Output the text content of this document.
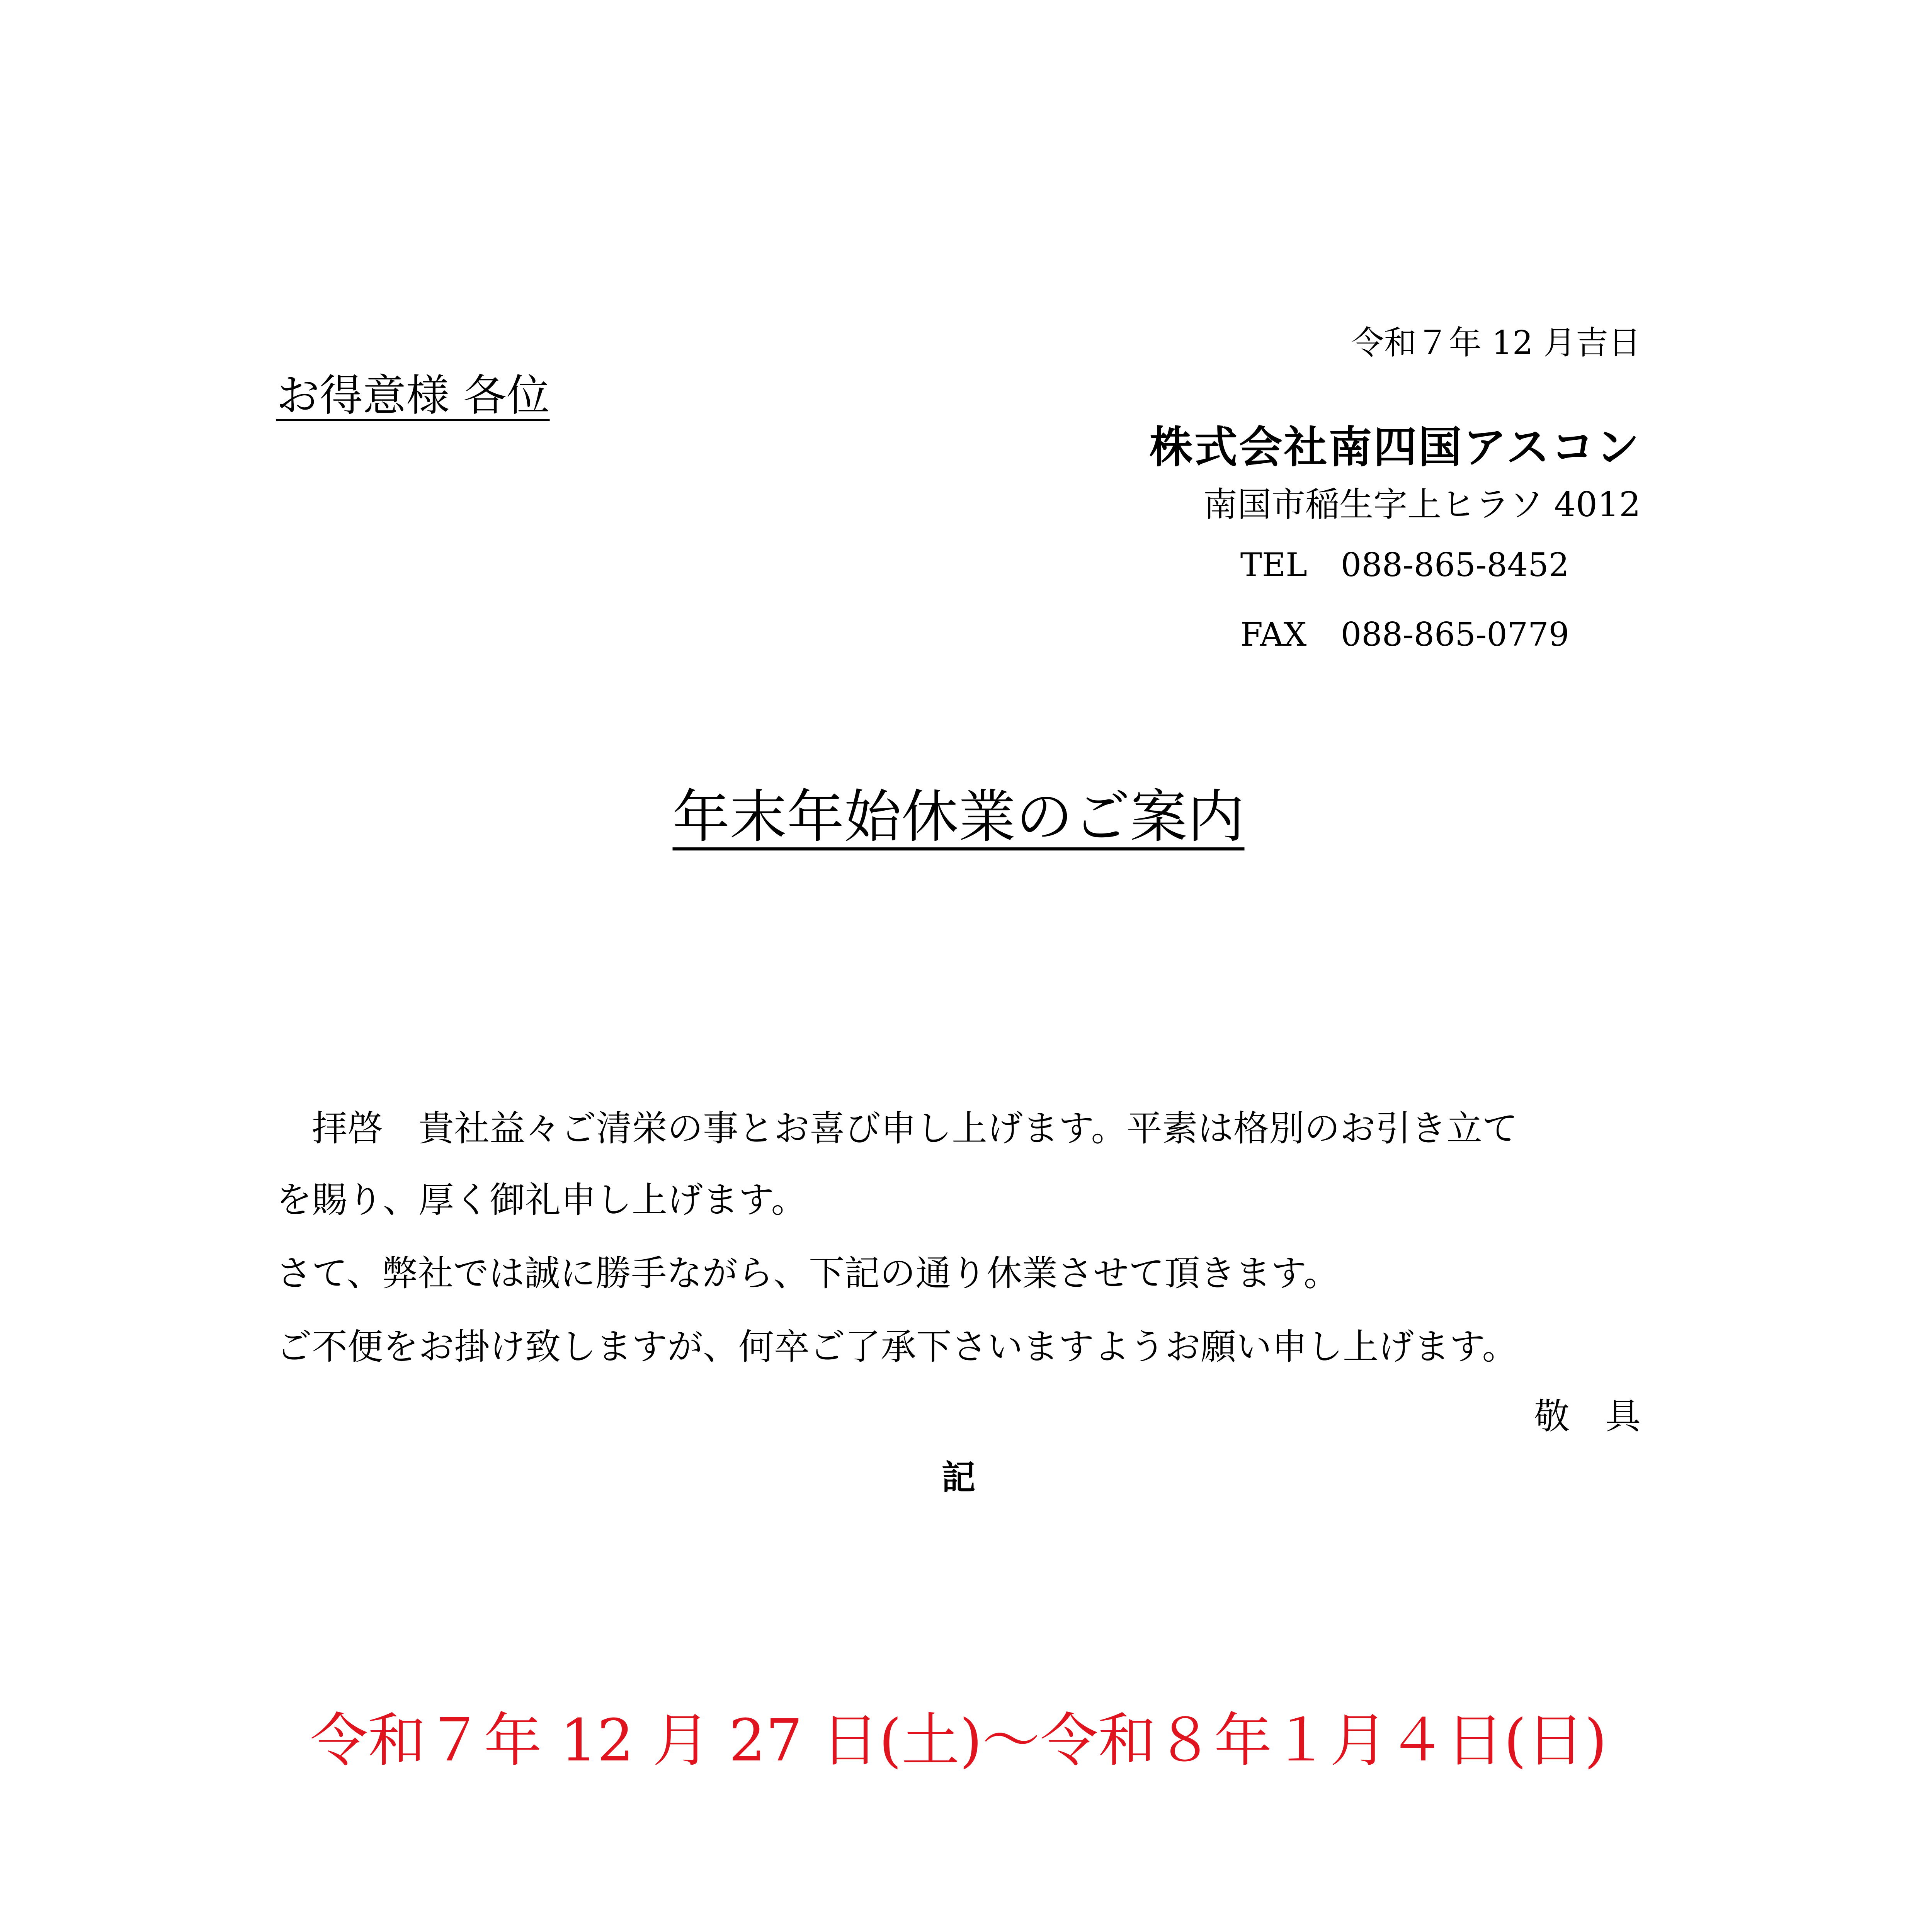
令和７年 12 月吉日
お得意様 各位
株式会社南四国アスコン
南国市稲生字上ヒラソ 4012
TEL 088-865-8452
FAX 088-865-0779
年末年始休業のご案内
　拝啓　貴社益々ご清栄の事とお喜び申し上げます。平素は格別のお引き立て
を賜り、厚く御礼申し上げます。
さて、弊社では誠に勝手ながら、下記の通り休業させて頂きます。
ご不便をお掛け致しますが、何卒ご了承下さいますようお願い申し上げます。
敬具
記
令和７年 12 月 27 日(土)～令和８年１月４日(日)
